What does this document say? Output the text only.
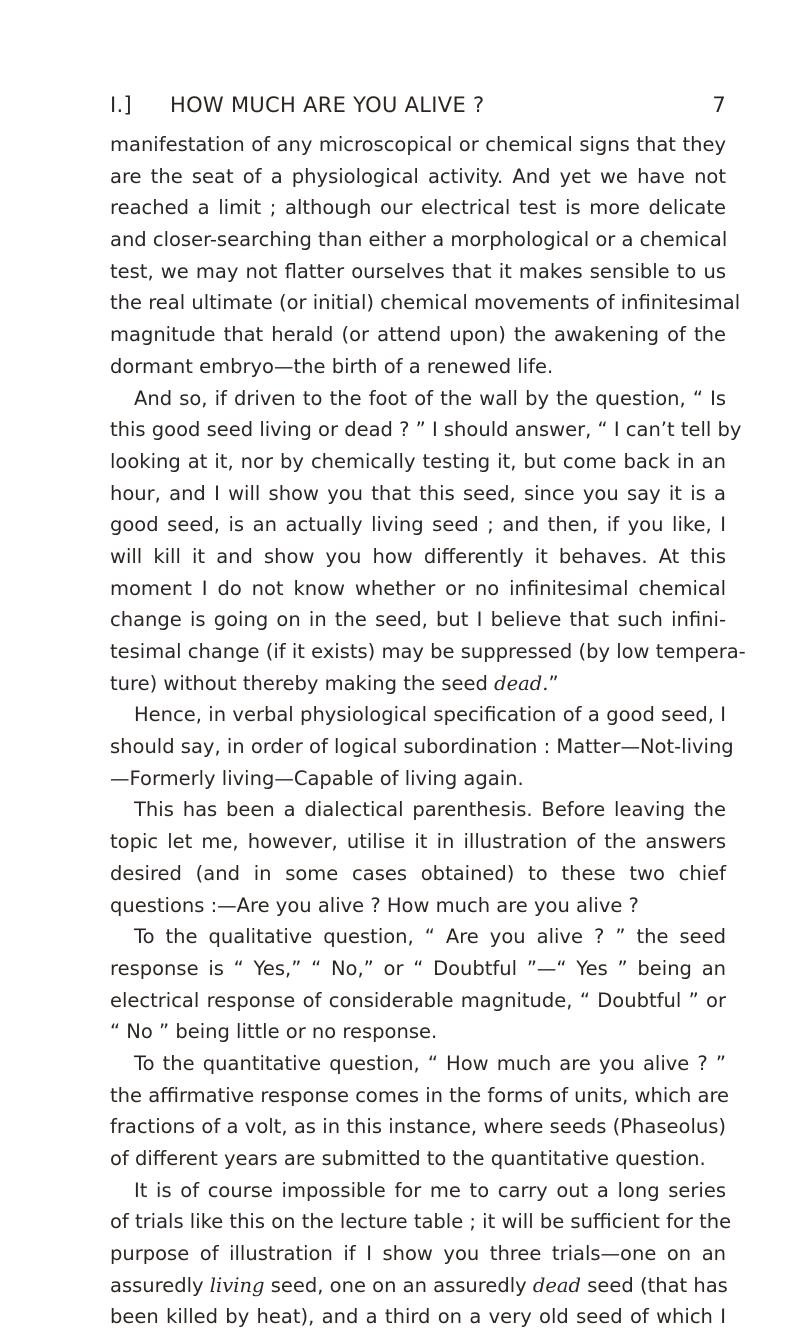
I.] HOW MUCH ARE YOU ALIVE ?	7
manifestation of any microscopical or chemical signs that they
are the seat of a physiological activity. And yet we have not
reached a limit ; although our electrical test is more delicate
and closer-searching than either a morphological or a chemical
test, we may not flatter ourselves that it makes sensible to us
the real ultimate (or initial) chemical movements of infinitesimal
magnitude that herald (or attend upon) the awakening of the
dormant embryo—the birth of a renewed life.
And so, if driven to the foot of the wall by the question, “ Is
this good seed living or dead ? ” I should answer, “ I can’t tell by
looking at it, nor by chemically testing it, but come back in an
hour, and I will show you that this seed, since you say it is a
good seed, is an actually living seed ; and then, if you like, I
will kill it and show you how differently it behaves. At this
moment I do not know whether or no infinitesimal chemical
change is going on in the seed, but I believe that such infini-
tesimal change (if it exists) may be suppressed (by low tempera-
ture) without thereby making the seed dead.”
Hence, in verbal physiological specification of a good seed, I
should say, in order of logical subordination : Matter—Not-living
—Formerly living—Capable of living again.
This has been a dialectical parenthesis. Before leaving the
topic let me, however, utilise it in illustration of the answers
desired (and in some cases obtained) to these two chief
questions :—Are you alive ? How much are you alive ?
To the qualitative question, “ Are you alive ? ” the seed
response is “ Yes,” “ No,” or “ Doubtful ”—“ Yes ” being an
electrical response of considerable magnitude, “ Doubtful ” or
“ No ” being little or no response.
To the quantitative question, “ How much are you alive ? ”
the affirmative response comes in the forms of units, which are
fractions of a volt, as in this instance, where seeds (Phaseolus)
of different years are submitted to the quantitative question.
It is of course impossible for me to carry out a long series
of trials like this on the lecture table ; it will be sufficient for the
purpose of illustration if I show you three trials—one on an
assuredly living seed, one on an assuredly dead seed (that has
been killed by heat), and a third on a very old seed of which I
